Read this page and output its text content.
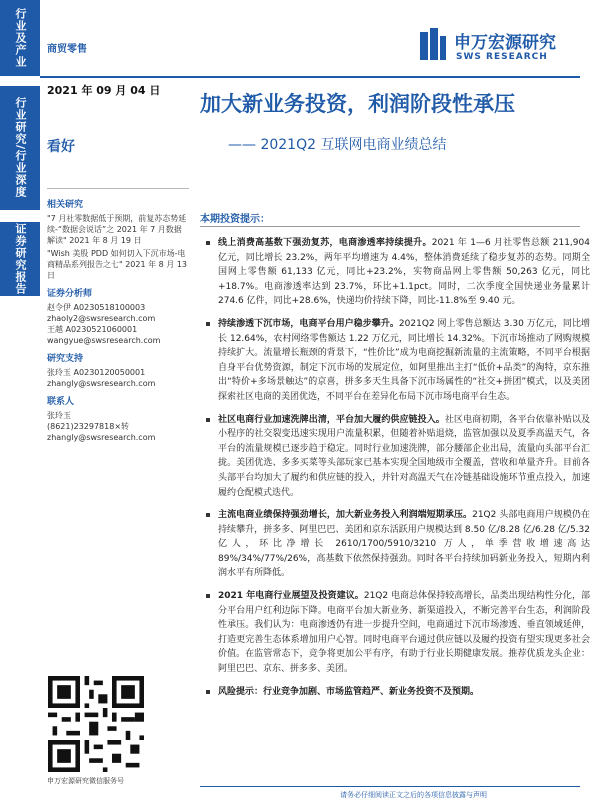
行业及产业
行业研究/行业深度
证券研究报告
商贸零售	申万宏源研究
SWS RESEARCH
2021 年 09 月 04 日
看好
加大新业务投资，利润阶段性承压
—— 2021Q2 互联网电商业绩总结
相关研究
"7 月社零数据低于预期，前复苏态势延续-“数据会说话”之 2021 年 7 月数据解读" 2021 年 8 月 19 日
"Wish 美股 PDD 如何切入下沉市场-电商精品系列报告之七" 2021 年 8 月 13 日
证券分析师
赵令伊 A0230518100003
zhaoly2@swsresearch.com
王越 A0230521060001
wangyue@swsresearch.com
研究支持
张玲玉 A0230120050001
zhangly@swsresearch.com
联系人
张玲玉
(8621)23297818×转
zhangly@swsresearch.com
申万宏源研究微信服务号
本期投资提示：
线上消费高基数下强劲复苏，电商渗透率持续提升。2021 年 1—6 月社零售总额 211,904 亿元，同比增长 23.2%，两年平均增速为 4.4%，整体消费延续了稳步复苏的态势。同期全国网上零售额 61,133 亿元，同比+23.2%，实物商品网上零售额 50,263 亿元，同比+18.7%。电商渗透率达到 23.7%，环比+1.1pct。同时，二次季度全国快递业务量累计 274.6 亿件，同比+28.6%，快递均价持续下降，同比-11.8%至 9.40 元。
持续渗透下沉市场，电商平台用户稳步攀升。2021Q2 网上零售总额达 3.30 万亿元，同比增长 12.64%，农村网络零售额达 1.22 万亿元，同比增长 14.32%。下沉市场推动了网购规模持续扩大。流量增长瓶颈的背景下，“性价比”成为电商挖掘新流量的主流策略，不同平台根据自身平台优势资源，制定下沉市场的发展定位，如阿里推出主打“低价+品类”的淘特，京东推出“特价+多场景触达”的京喜，拼多多天生具备下沉市场属性的“社交+拼团”模式，以及美团探索社区电商的美团优选，不同平台在差异化布局下沉市场电商平台生态。
社区电商行业加速洗牌出清，平台加大履约供应链投入。社区电商初期，各平台依靠补贴以及小程序的社交裂变迅速实现用户流量积累，但随着补贴退烧，监管加强以及夏季高温天气，各平台的流量规模已逐步趋于稳定。同时行业加速洗牌，部分腰部企业出局，流量向头部平台汇拢。美团优选、多多买菜等头部玩家已基本实现全国地级市全覆盖，营收和单量齐升。目前各头部平台均加大了履约和供应链的投入，并针对高温天气在冷链基础设施环节重点投入，加速履约仓配模式迭代。
主流电商业绩保持强劲增长，加大新业务投入利润端短期承压。21Q2 头部电商用户规模仍在持续攀升，拼多多、阿里巴巴、美团和京东活跃用户规模达到 8.50 亿/8.28 亿/6.28 亿/5.32 亿人，环比净增长 2610/1700/5910/3210 万人，单季营收增速高达 89%/34%/77%/26%，高基数下依然保持强劲。同时各平台持续加码新业务投入，短期内利润水平有所降低。
2021 年电商行业展望及投资建议。21Q2 电商总体保持较高增长，品类出现结构性分化，部分平台用户红利边际下降。电商平台加大新业务、新渠道投入，不断完善平台生态，利润阶段性承压。我们认为：电商渗透仍有进一步提升空间，电商通过下沉市场渗透、垂直领域延伸，打造更完善生态体系增加用户心智。同时电商平台通过供应链以及履约投资有望实现更多社会价值。在监管常态下，竞争将更加公平有序，有助于行业长期健康发展。推荐优质龙头企业：阿里巴巴、京东、拼多多、美团。
风险提示：行业竞争加剧、市场监管趋严、新业务投资不及预期。
请务必仔细阅读正文之后的各项信息披露与声明
